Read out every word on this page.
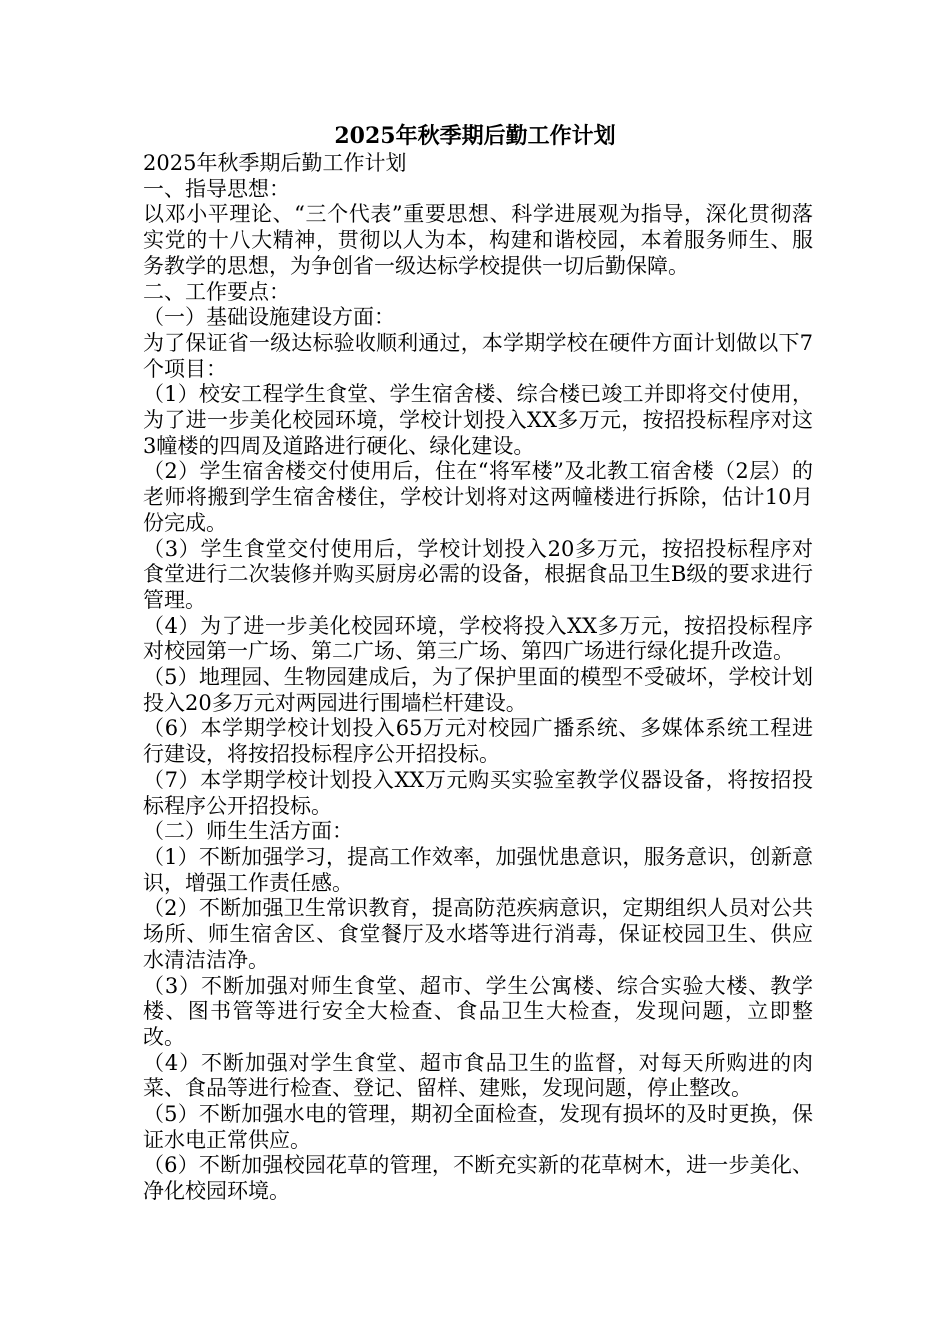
2025年秋季期后勤工作计划

2025年秋季期后勤工作计划

一、指导思想：

以邓小平理论、“三个代表”重要思想、科学进展观为指导，深化贯彻落实党的十八大精神，贯彻以人为本，构建和谐校园，本着服务师生、服务教学的思想，为争创省一级达标学校提供一切后勤保障。

二、工作要点：

（一）基础设施建设方面：

为了保证省一级达标验收顺利通过，本学期学校在硬件方面计划做以下7个项目：

（1）校安工程学生食堂、学生宿舍楼、综合楼已竣工并即将交付使用，为了进一步美化校园环境，学校计划投入XX多万元，按招投标程序对这3幢楼的四周及道路进行硬化、绿化建设。

（2）学生宿舍楼交付使用后，住在“将军楼”及北教工宿舍楼（2层）的老师将搬到学生宿舍楼住，学校计划将对这两幢楼进行拆除，估计10月份完成。

（3）学生食堂交付使用后，学校计划投入20多万元，按招投标程序对食堂进行二次装修并购买厨房必需的设备，根据食品卫生B级的要求进行管理。

（4）为了进一步美化校园环境，学校将投入XX多万元，按招投标程序对校园第一广场、第二广场、第三广场、第四广场进行绿化提升改造。

（5）地理园、生物园建成后，为了保护里面的模型不受破坏，学校计划投入20多万元对两园进行围墙栏杆建设。

（6）本学期学校计划投入65万元对校园广播系统、多媒体系统工程进行建设，将按招投标程序公开招投标。

（7）本学期学校计划投入XX万元购买实验室教学仪器设备，将按招投标程序公开招投标。

（二）师生生活方面：

（1）不断加强学习，提高工作效率，加强忧患意识，服务意识，创新意识，增强工作责任感。

（2）不断加强卫生常识教育，提高防范疾病意识，定期组织人员对公共场所、师生宿舍区、食堂餐厅及水塔等进行消毒，保证校园卫生、供应水清洁洁净。

（3）不断加强对师生食堂、超市、学生公寓楼、综合实验大楼、教学楼、图书管等进行安全大检查、食品卫生大检查，发现问题，立即整改。

（4）不断加强对学生食堂、超市食品卫生的监督，对每天所购进的肉菜、食品等进行检查、登记、留样、建账，发现问题，停止整改。

（5）不断加强水电的管理，期初全面检查，发现有损坏的及时更换，保证水电正常供应。

（6）不断加强校园花草的管理，不断充实新的花草树木，进一步美化、净化校园环境。
